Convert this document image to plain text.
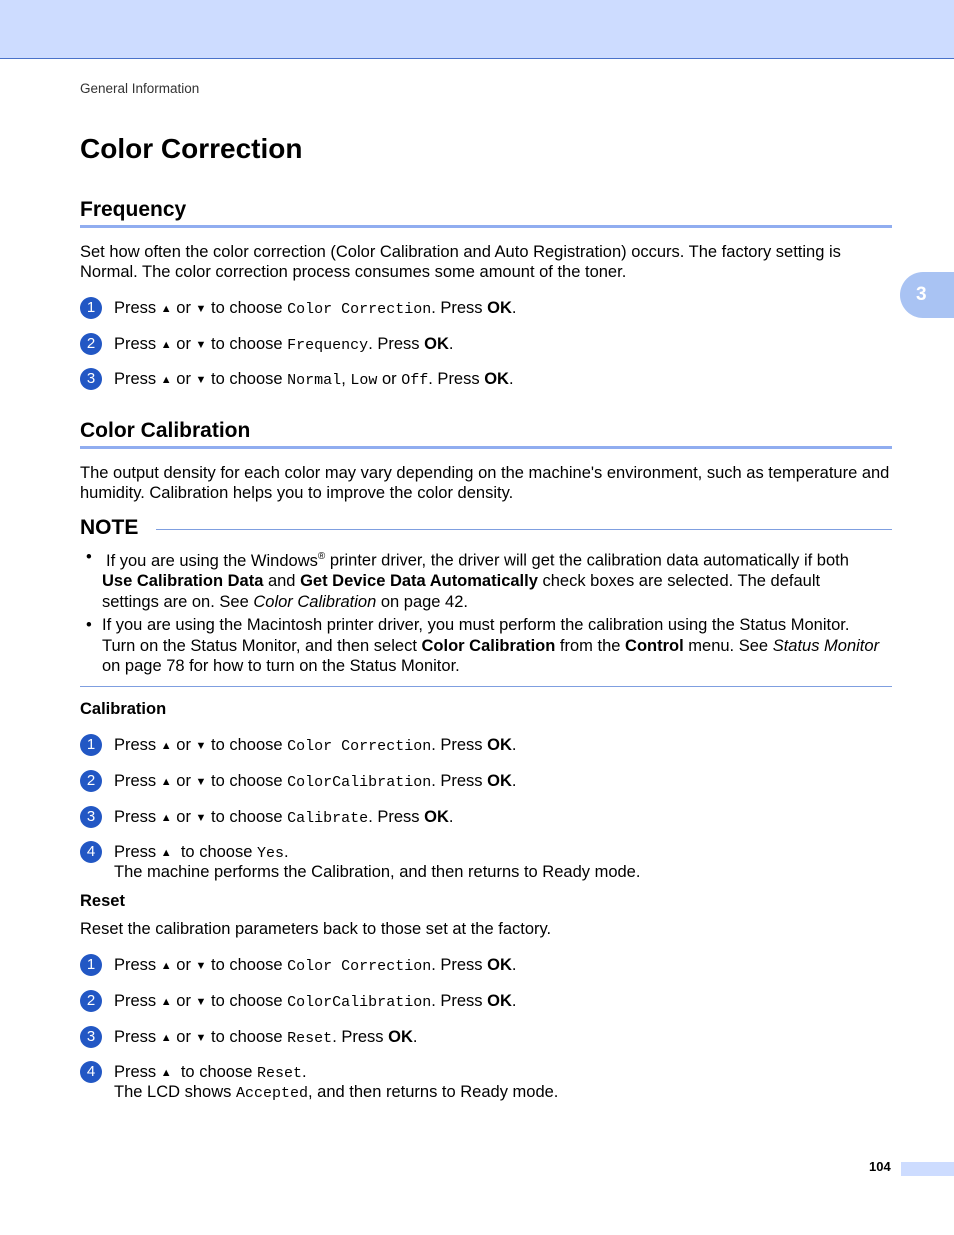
General Information
3
Color Correction
Frequency
Set how often the color correction (Color Calibration and Auto Registration) occurs. The factory setting is Normal. The color correction process consumes some amount of the toner.
1	Press ▲ or ▼ to choose Color Correction. Press OK.
2	Press ▲ or ▼ to choose Frequency. Press OK.
3	Press ▲ or ▼ to choose Normal, Low or Off. Press OK.
Color Calibration
The output density for each color may vary depending on the machine's environment, such as temperature and humidity. Calibration helps you to improve the color density.
NOTE
• If you are using the Windows® printer driver, the driver will get the calibration data automatically if both
Use Calibration Data and Get Device Data Automatically check boxes are selected. The default
settings are on. See Color Calibration on page 42.
• If you are using the Macintosh printer driver, you must perform the calibration using the Status Monitor.
Turn on the Status Monitor, and then select Color Calibration from the Control menu. See Status Monitor
on page 78 for how to turn on the Status Monitor.
Calibration
1	Press ▲ or ▼ to choose Color Correction. Press OK.
2	Press ▲ or ▼ to choose ColorCalibration. Press OK.
3	Press ▲ or ▼ to choose Calibrate. Press OK.
4	Press ▲ to choose Yes.
The machine performs the Calibration, and then returns to Ready mode.
Reset
Reset the calibration parameters back to those set at the factory.
1	Press ▲ or ▼ to choose Color Correction. Press OK.
2	Press ▲ or ▼ to choose ColorCalibration. Press OK.
3	Press ▲ or ▼ to choose Reset. Press OK.
4	Press ▲ to choose Reset.
The LCD shows Accepted, and then returns to Ready mode.
104
